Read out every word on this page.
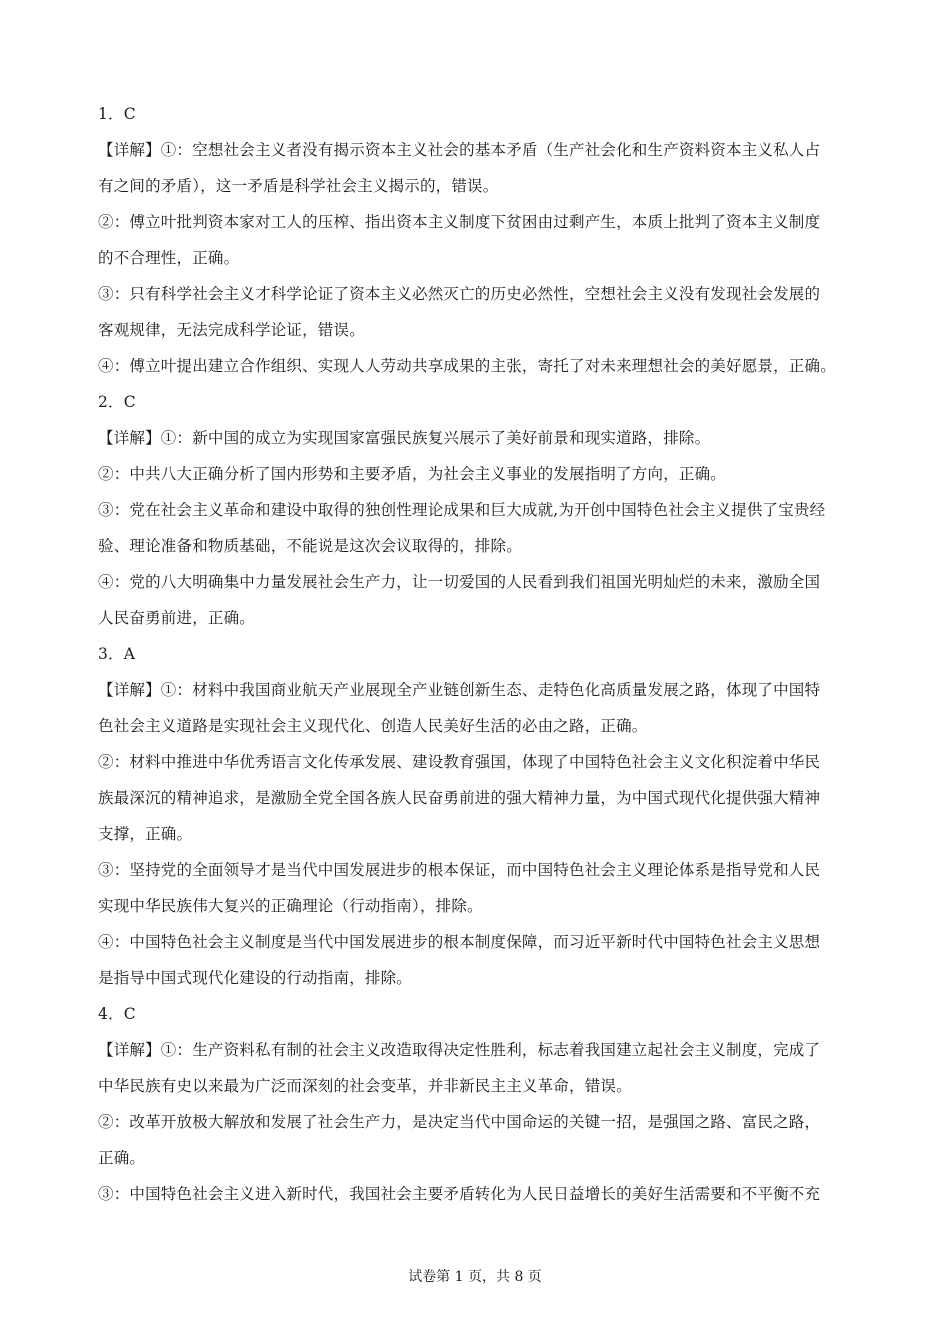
1．C
【详解】①：空想社会主义者没有揭示资本主义社会的基本矛盾（生产社会化和生产资料资本主义私人占
有之间的矛盾），这一矛盾是科学社会主义揭示的，错误。
②：傅立叶批判资本家对工人的压榨、指出资本主义制度下贫困由过剩产生，本质上批判了资本主义制度
的不合理性，正确。
③：只有科学社会主义才科学论证了资本主义必然灭亡的历史必然性，空想社会主义没有发现社会发展的
客观规律，无法完成科学论证，错误。
④：傅立叶提出建立合作组织、实现人人劳动共享成果的主张，寄托了对未来理想社会的美好愿景，正确。
2．C
【详解】①：新中国的成立为实现国家富强民族复兴展示了美好前景和现实道路，排除。
②：中共八大正确分析了国内形势和主要矛盾，为社会主义事业的发展指明了方向，正确。
③：党在社会主义革命和建设中取得的独创性理论成果和巨大成就,为开创中国特色社会主义提供了宝贵经
验、理论准备和物质基础，不能说是这次会议取得的，排除。
④：党的八大明确集中力量发展社会生产力，让一切爱国的人民看到我们祖国光明灿烂的未来，激励全国
人民奋勇前进，正确。
3．A
【详解】①：材料中我国商业航天产业展现全产业链创新生态、走特色化高质量发展之路，体现了中国特
色社会主义道路是实现社会主义现代化、创造人民美好生活的必由之路，正确。
②：材料中推进中华优秀语言文化传承发展、建设教育强国，体现了中国特色社会主义文化积淀着中华民
族最深沉的精神追求，是激励全党全国各族人民奋勇前进的强大精神力量，为中国式现代化提供强大精神
支撑，正确。
③：坚持党的全面领导才是当代中国发展进步的根本保证，而中国特色社会主义理论体系是指导党和人民
实现中华民族伟大复兴的正确理论（行动指南），排除。
④：中国特色社会主义制度是当代中国发展进步的根本制度保障，而习近平新时代中国特色社会主义思想
是指导中国式现代化建设的行动指南，排除。
4．C
【详解】①：生产资料私有制的社会主义改造取得决定性胜利，标志着我国建立起社会主义制度，完成了
中华民族有史以来最为广泛而深刻的社会变革，并非新民主主义革命，错误。
②：改革开放极大解放和发展了社会生产力，是决定当代中国命运的关键一招，是强国之路、富民之路，
正确。
③：中国特色社会主义进入新时代，我国社会主要矛盾转化为人民日益增长的美好生活需要和不平衡不充
试卷第 1 页，共 8 页
